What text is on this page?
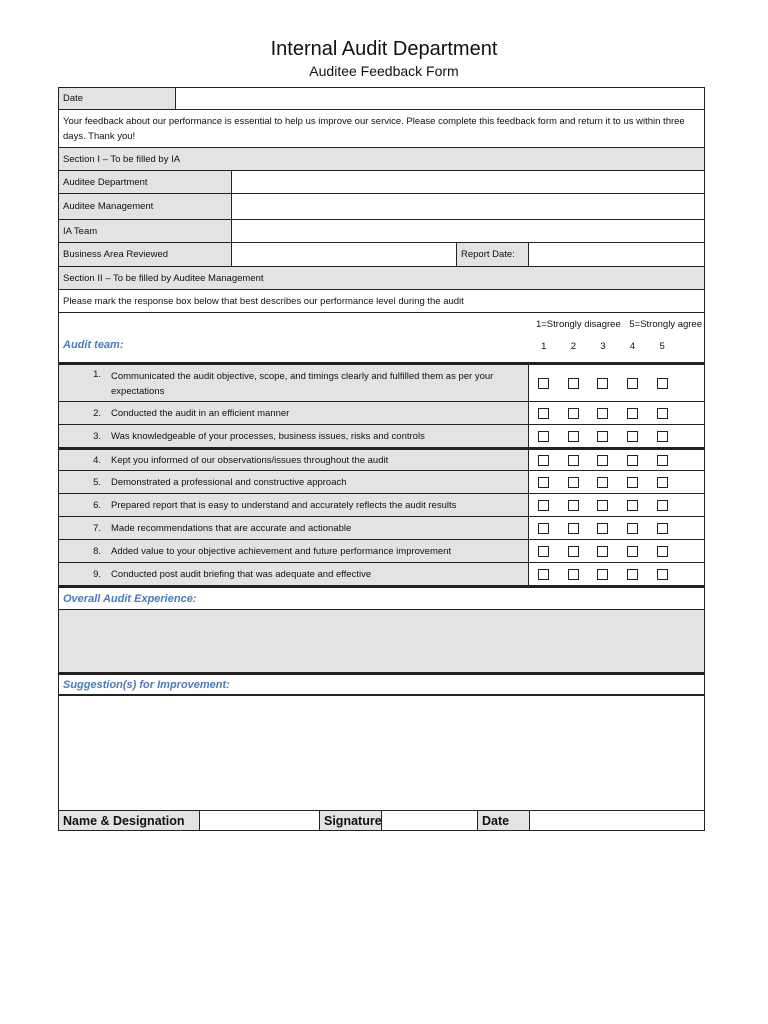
Internal Audit Department
Auditee Feedback Form
Date
Your feedback about our performance is essential to help us improve our service. Please complete this feedback form and return it to us within three days. Thank you!
Section I – To be filled by IA
Auditee Department
Auditee Management
IA Team
Business Area Reviewed	Report Date:
Section II – To be filled by Auditee Management
Please mark the response box below that best describes our performance level during the audit
1=Strongly disagree 5=Strongly agree
Audit team:	1	2	3	4	5
1. Communicated the audit objective, scope, and timings clearly and fulfilled them as per your expectations
2. Conducted the audit in an efficient manner
3. Was knowledgeable of your processes, business issues, risks and controls
4. Kept you informed of our observations/issues throughout the audit
5. Demonstrated a professional and constructive approach
6. Prepared report that is easy to understand and accurately reflects the audit results
7. Made recommendations that are accurate and actionable
8. Added value to your objective achievement and future performance improvement
9. Conducted post audit briefing that was adequate and effective
Overall Audit Experience:
Suggestion(s) for Improvement:
Name & Designation	Signature	Date
